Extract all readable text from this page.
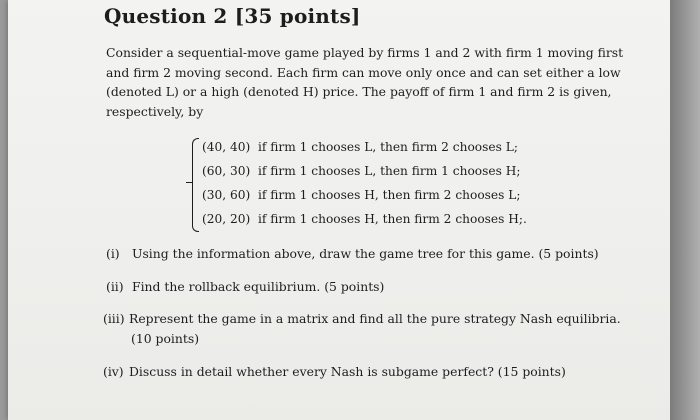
Question 2 [35 points]
Consider a sequential-move game played by firms 1 and 2 with firm 1 moving first
and firm 2 moving second. Each firm can move only once and can set either a low
(denoted L) or a high (denoted H) price. The payoff of firm 1 and firm 2 is given,
respectively, by
(40, 40) if firm 1 chooses L, then firm 2 chooses L;
(60, 30) if firm 1 chooses L, then firm 1 chooses H;
(30, 60) if firm 1 chooses H, then firm 2 chooses L;
(20, 20) if firm 1 chooses H, then firm 2 chooses H;.
(i) Using the information above, draw the game tree for this game. (5 points)
(ii) Find the rollback equilibrium. (5 points)
(iii) Represent the game in a matrix and find all the pure strategy Nash equilibria.
(10 points)
(iv) Discuss in detail whether every Nash is subgame perfect? (15 points)
